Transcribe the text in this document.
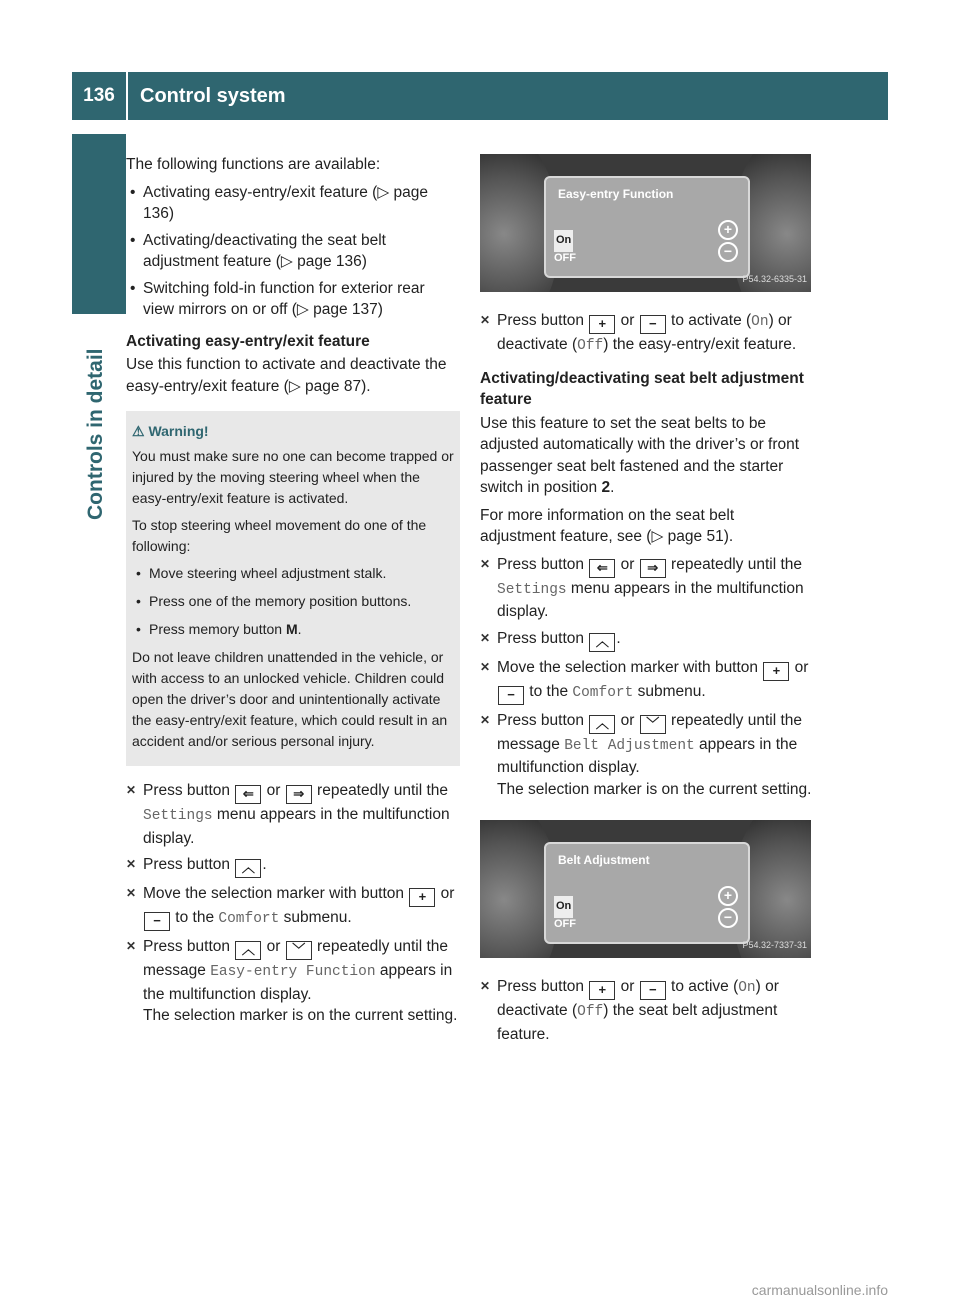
136	Control system
Controls in detail

The following functions are available:

• Activating easy-entry/exit feature (▷ page 136)
• Activating/deactivating the seat belt adjustment feature (▷ page 136)
• Switching fold-in function for exterior rear view mirrors on or off (▷ page 137)
Activating easy-entry/exit feature

Use this function to activate and deactivate the easy-entry/exit feature (▷ page 87).

⚠ Warning!

You must make sure no one can become trapped or injured by the moving steering wheel when the easy-entry/exit feature is activated.

To stop steering wheel movement do one of the following:

• Move steering wheel adjustment stalk.
• Press one of the memory position buttons.
• Press memory button M.

Do not leave children unattended in the vehicle, or with access to an unlocked vehicle. Children could open the driver’s door and unintentionally activate the easy-entry/exit feature, which could result in an accident and/or serious personal injury.

✕ Press button ⇐ or ⇒ repeatedly until the Settings menu appears in the multifunction display.
✕ Press button ︿ .
✕ Move the selection marker with button + or − to the Comfort submenu.
✕ Press button ︿ or ﹀ repeatedly until the message Easy-entry Function appears in the multifunction display.
The selection marker is on the current setting.
Easy-entry Function
On
OFF
+
−
P54.32-6335-31
✕ Press button + or − to activate (On) or deactivate (Off) the easy-entry/exit feature.
Activating/deactivating seat belt adjustment feature

Use this feature to set the seat belts to be adjusted automatically with the driver’s or front passenger seat belt fastened and the starter switch in position 2.

For more information on the seat belt adjustment feature, see (▷ page 51).

✕ Press button ⇐ or ⇒ repeatedly until the Settings menu appears in the multifunction display.
✕ Press button ︿ .
✕ Move the selection marker with button + or − to the Comfort submenu.
✕ Press button ︿ or ﹀ repeatedly until the message Belt Adjustment appears in the multifunction display.
The selection marker is on the current setting.
Belt Adjustment
On
OFF
+
−
P54.32-7337-31
✕ Press button + or − to active (On) or deactivate (Off) the seat belt adjustment feature.
carmanualsonline.info
